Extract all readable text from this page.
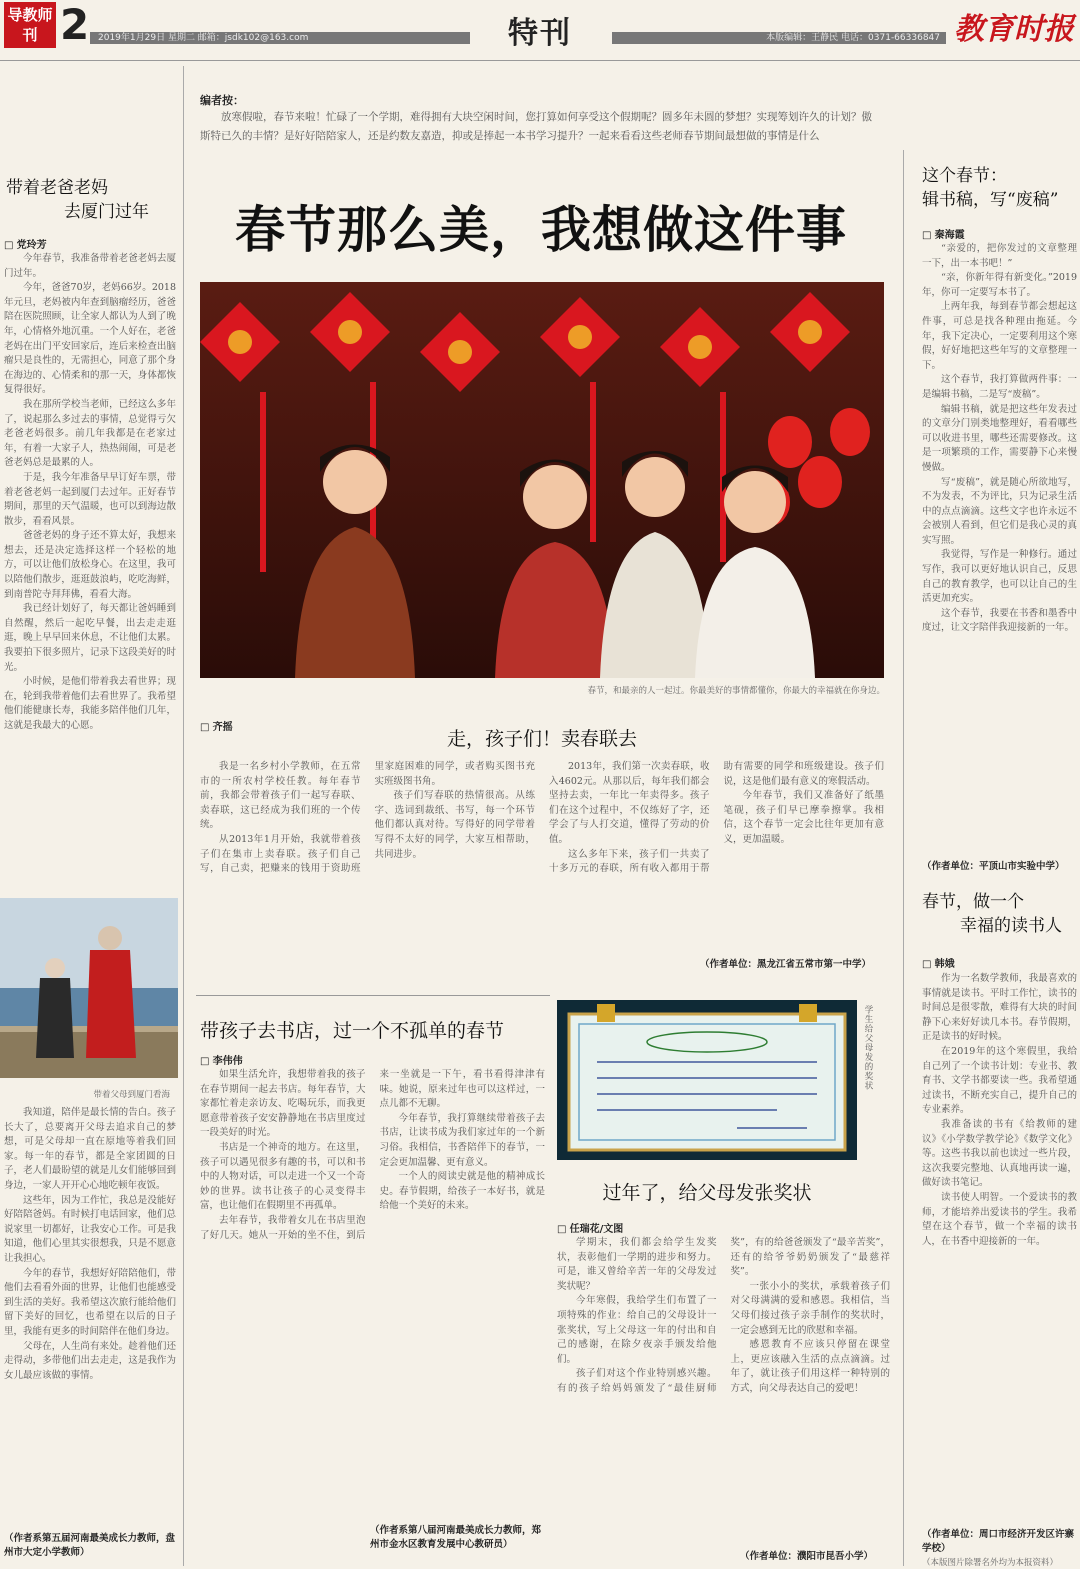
导教师刊 2 2019年1月29日 星期二 邮箱：jsdk102@163.com	特刊	本版编辑：王静民 电话：0371-66336847 教育时报
编者按：
放寒假啦，春节来啦！忙碌了一个学期，难得拥有大块空闲时间，您打算如何享受这个假期呢？圆多年未圆的梦想？实现筹划许久的计划？傲斯特已久的丰情？是好好陪陪家人，还是约数友嘉造，抑或是捧起一本书学习提升？一起来看看这些老师春节期间最想做的事情是什么
春节那么美，我想做这件事
春节，和最亲的人一起过。你最美好的事情都懂你，你最大的幸福就在你身边。
带着老爸老妈
去厦门过年
□ 党玲芳

今年春节，我准备带着老爸老妈去厦门过年。

今年，爸爸70岁，老妈66岁。2018年元旦，老妈被内年查到脑瘤经历，爸爸陪在医院照顾，让全家人都认为人到了晚年，心情格外地沉重。一个人好在，老爸老妈在出门平安回家后，连后来检查出脑瘤只是良性的，无需担心，同意了那个身在海边的、心情柔和的那一天，身体都恢复得很好。

我在那所学校当老师，已经这么多年了，说起那么多过去的事情，总觉得亏欠老爸老妈很多。前几年我都是在老家过年，有着一大家子人，热热闹闹，可是老爸老妈总是最累的人。

于是，我今年准备早早订好车票，带着老爸老妈一起到厦门去过年。正好春节期间，那里的天气温暖，也可以到海边散散步，看看风景。

爸爸老妈的身子还不算太好，我想来想去，还是决定选择这样一个轻松的地方，可以让他们放松身心。在这里，我可以陪他们散步，逛逛鼓浪屿，吃吃海鲜，到南普陀寺拜拜佛，看看大海。

我已经计划好了，每天都让爸妈睡到自然醒，然后一起吃早餐，出去走走逛逛，晚上早早回来休息，不让他们太累。我要拍下很多照片，记录下这段美好的时光。

小时候，是他们带着我去看世界；现在，轮到我带着他们去看世界了。我希望他们能健康长寿，我能多陪伴他们几年，这就是我最大的心愿。

带着父母到厦门看海

我知道，陪伴是最长情的告白。孩子长大了，总要离开父母去追求自己的梦想，可是父母却一直在原地等着我们回家。每一年的春节，都是全家团圆的日子，老人们最盼望的就是儿女们能够回到身边，一家人开开心心地吃顿年夜饭。

这些年，因为工作忙，我总是没能好好陪陪爸妈。有时候打电话回家，他们总说家里一切都好，让我安心工作。可是我知道，他们心里其实很想我，只是不愿意让我担心。

今年的春节，我想好好陪陪他们，带他们去看看外面的世界，让他们也能感受到生活的美好。我希望这次旅行能给他们留下美好的回忆，也希望在以后的日子里，我能有更多的时间陪伴在他们身边。

父母在，人生尚有来处。趁着他们还走得动，多带他们出去走走，这是我作为女儿最应该做的事情。

（作者系第五届河南最美成长力教师，盘州市大定小学教师）
这个春节：
辑书稿，写“废稿”
□ 秦海霞

“亲爱的，把你发过的文章整理一下，出一本书吧！”

“亲，你新年得有新变化。”2019年，你可一定要写本书了。

上两年我，每到春节都会想起这件事，可总是找各种理由拖延。今年，我下定决心，一定要利用这个寒假，好好地把这些年写的文章整理一下。

这个春节，我打算做两件事：一是编辑书稿，二是写“废稿”。

编辑书稿，就是把这些年发表过的文章分门别类地整理好，看看哪些可以收进书里，哪些还需要修改。这是一项繁琐的工作，需要静下心来慢慢做。

写“废稿”，就是随心所欲地写，不为发表，不为评比，只为记录生活中的点点滴滴。这些文字也许永远不会被别人看到，但它们是我心灵的真实写照。

我觉得，写作是一种修行。通过写作，我可以更好地认识自己，反思自己的教育教学，也可以让自己的生活更加充实。

这个春节，我要在书香和墨香中度过，让文字陪伴我迎接新的一年。

（作者单位：平顶山市实验中学）
春节，做一个
幸福的读书人
□ 韩娥

作为一名数学教师，我最喜欢的事情就是读书。平时工作忙，读书的时间总是很零散，难得有大块的时间静下心来好好读几本书。春节假期，正是读书的好时候。

在2019年的这个寒假里，我给自己列了一个读书计划：专业书、教育书、文学书都要读一些。我希望通过读书，不断充实自己，提升自己的专业素养。

我准备读的书有《给教师的建议》《小学数学教学论》《数学文化》等。这些书我以前也读过一些片段，这次我要完整地、认真地再读一遍，做好读书笔记。

读书使人明智。一个爱读书的教师，才能培养出爱读书的学生。我希望在这个春节，做一个幸福的读书人，在书香中迎接新的一年。

（作者单位：周口市经济开发区许寨学校）
（本版图片除署名外均为本报资料）
走，孩子们！卖春联去
□ 齐摇

我是一名乡村小学教师，在五常市的一所农村学校任教。每年春节前，我都会带着孩子们一起写春联、卖春联，这已经成为我们班的一个传统。

从2013年1月开始，我就带着孩子们在集市上卖春联。孩子们自己写，自己卖，把赚来的钱用于资助班里家庭困难的同学，或者购买图书充实班级图书角。

孩子们写春联的热情很高。从练字、选词到裁纸、书写，每一个环节他们都认真对待。写得好的同学带着写得不太好的同学，大家互相帮助，共同进步。

2013年，我们第一次卖春联，收入4602元。从那以后，每年我们都会坚持去卖，一年比一年卖得多。孩子们在这个过程中，不仅练好了字，还学会了与人打交道，懂得了劳动的价值。

这么多年下来，孩子们一共卖了十多万元的春联，所有收入都用于帮助有需要的同学和班级建设。孩子们说，这是他们最有意义的寒假活动。

今年春节，我们又准备好了纸墨笔砚，孩子们早已摩拳擦掌。我相信，这个春节一定会比往年更加有意义，更加温暖。

（作者单位：黑龙江省五常市第一中学）
带孩子去书店，过一个不孤单的春节
□ 李伟伟

如果生活允许，我想带着我的孩子在春节期间一起去书店。每年春节，大家都忙着走亲访友、吃喝玩乐，而我更愿意带着孩子安安静静地在书店里度过一段美好的时光。

书店是一个神奇的地方。在这里，孩子可以遇见很多有趣的书，可以和书中的人物对话，可以走进一个又一个奇妙的世界。读书让孩子的心灵变得丰富，也让他们在假期里不再孤单。

去年春节，我带着女儿在书店里泡了好几天。她从一开始的坐不住，到后来一坐就是一下午，看书看得津津有味。她说，原来过年也可以这样过，一点儿都不无聊。

今年春节，我打算继续带着孩子去书店，让读书成为我们家过年的一个新习俗。我相信，书香陪伴下的春节，一定会更加温馨、更有意义。

一个人的阅读史就是他的精神成长史。春节假期，给孩子一本好书，就是给他一个美好的未来。

（作者系第八届河南最美成长力教师，郑州市金水区教育发展中心教研员）
学生给父母发的奖状
过年了，给父母发张奖状
□ 任瑞花/文图

学期末，我们都会给学生发奖状，表彰他们一学期的进步和努力。可是，谁又曾给辛苦一年的父母发过奖状呢？

今年寒假，我给学生们布置了一项特殊的作业：给自己的父母设计一张奖状，写上父母这一年的付出和自己的感谢，在除夕夜亲手颁发给他们。

孩子们对这个作业特别感兴趣。有的孩子给妈妈颁发了“最佳厨师奖”，有的给爸爸颁发了“最辛苦奖”，还有的给爷爷奶奶颁发了“最慈祥奖”。

一张小小的奖状，承载着孩子们对父母满满的爱和感恩。我相信，当父母们接过孩子亲手制作的奖状时，一定会感到无比的欣慰和幸福。

感恩教育不应该只停留在课堂上，更应该融入生活的点点滴滴。过年了，就让孩子们用这样一种特别的方式，向父母表达自己的爱吧！

（作者单位：濮阳市昆吾小学）
